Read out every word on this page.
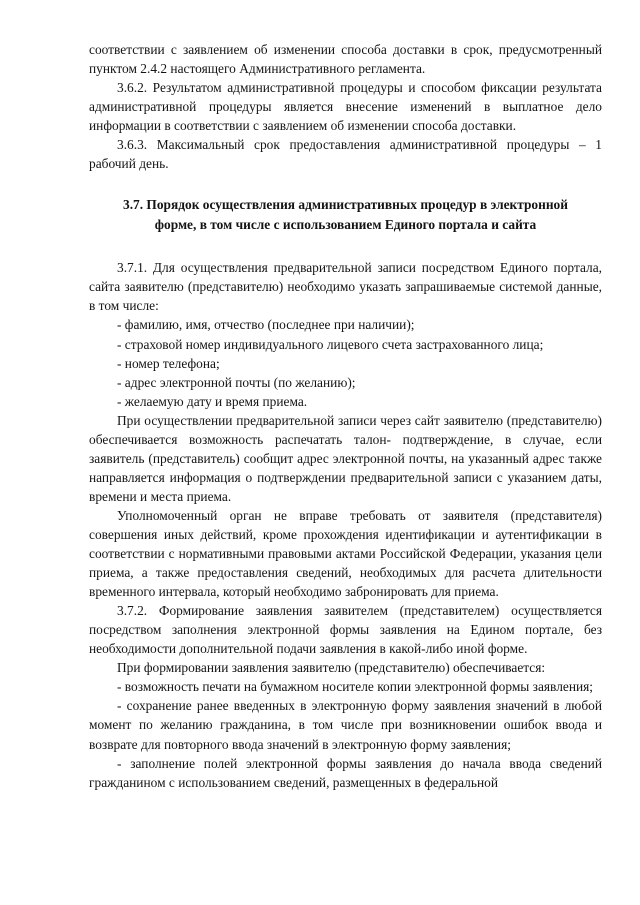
соответствии с заявлением об изменении способа доставки в срок, предусмотренный пунктом 2.4.2 настоящего Административного регламента.

3.6.2. Результатом административной процедуры и способом фиксации результата административной процедуры является внесение изменений в выплатное дело информации в соответствии с заявлением об изменении способа доставки.

3.6.3. Максимальный срок предоставления административной процедуры – 1 рабочий день.

3.7. Порядок осуществления административных процедур в электронной
форме, в том числе с использованием Единого портала и сайта

3.7.1. Для осуществления предварительной записи посредством Единого портала, сайта заявителю (представителю) необходимо указать запрашиваемые системой данные, в том числе:

- фамилию, имя, отчество (последнее при наличии);

- страховой номер индивидуального лицевого счета застрахованного лица;

- номер телефона;

- адрес электронной почты (по желанию);

- желаемую дату и время приема.

При осуществлении предварительной записи через сайт заявителю (представителю) обеспечивается возможность распечатать талон- подтверждение, в случае, если заявитель (представитель) сообщит адрес электронной почты, на указанный адрес также направляется информация о подтверждении предварительной записи с указанием даты, времени и места приема.

Уполномоченный орган не вправе требовать от заявителя (представителя) совершения иных действий, кроме прохождения идентификации и аутентификации в соответствии с нормативными правовыми актами Российской Федерации, указания цели приема, а также предоставления сведений, необходимых для расчета длительности временного интервала, который необходимо забронировать для приема.

3.7.2. Формирование заявления заявителем (представителем) осуществляется посредством заполнения электронной формы заявления на Едином портале, без необходимости дополнительной подачи заявления в какой-либо иной форме.

При формировании заявления заявителю (представителю) обеспечивается:

- возможность печати на бумажном носителе копии электронной формы заявления;

- сохранение ранее введенных в электронную форму заявления значений в любой момент по желанию гражданина, в том числе при возникновении ошибок ввода и возврате для повторного ввода значений в электронную форму заявления;

- заполнение полей электронной формы заявления до начала ввода сведений гражданином с использованием сведений, размещенных в федеральной
